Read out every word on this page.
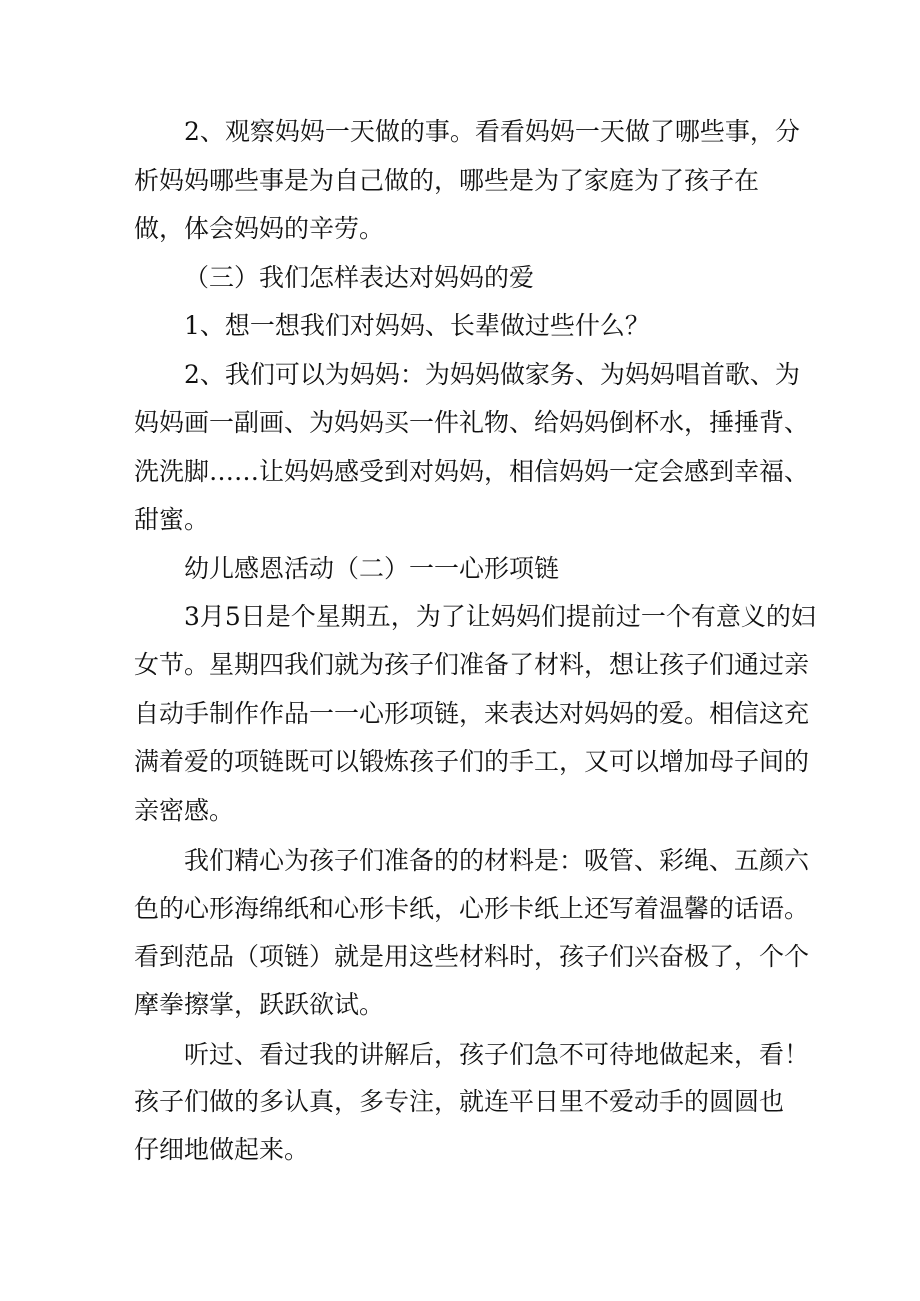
2、观察妈妈一天做的事。看看妈妈一天做了哪些事，分
析妈妈哪些事是为自己做的，哪些是为了家庭为了孩子在
做，体会妈妈的辛劳。
（三）我们怎样表达对妈妈的爱
1、想一想我们对妈妈、长辈做过些什么？
2、我们可以为妈妈：为妈妈做家务、为妈妈唱首歌、为
妈妈画一副画、为妈妈买一件礼物、给妈妈倒杯水，捶捶背、
洗洗脚……让妈妈感受到对妈妈，相信妈妈一定会感到幸福、
甜蜜。
幼儿感恩活动（二）一一心形项链
3月5日是个星期五，为了让妈妈们提前过一个有意义的妇
女节。星期四我们就为孩子们准备了材料，想让孩子们通过亲
自动手制作作品一一心形项链，来表达对妈妈的爱。相信这充
满着爱的项链既可以锻炼孩子们的手工，又可以增加母子间的
亲密感。
我们精心为孩子们准备的的材料是：吸管、彩绳、五颜六
色的心形海绵纸和心形卡纸，心形卡纸上还写着温馨的话语。
看到范品（项链）就是用这些材料时，孩子们兴奋极了，个个
摩拳擦掌，跃跃欲试。
听过、看过我的讲解后，孩子们急不可待地做起来，看！
孩子们做的多认真，多专注，就连平日里不爱动手的圆圆也
仔细地做起来。
